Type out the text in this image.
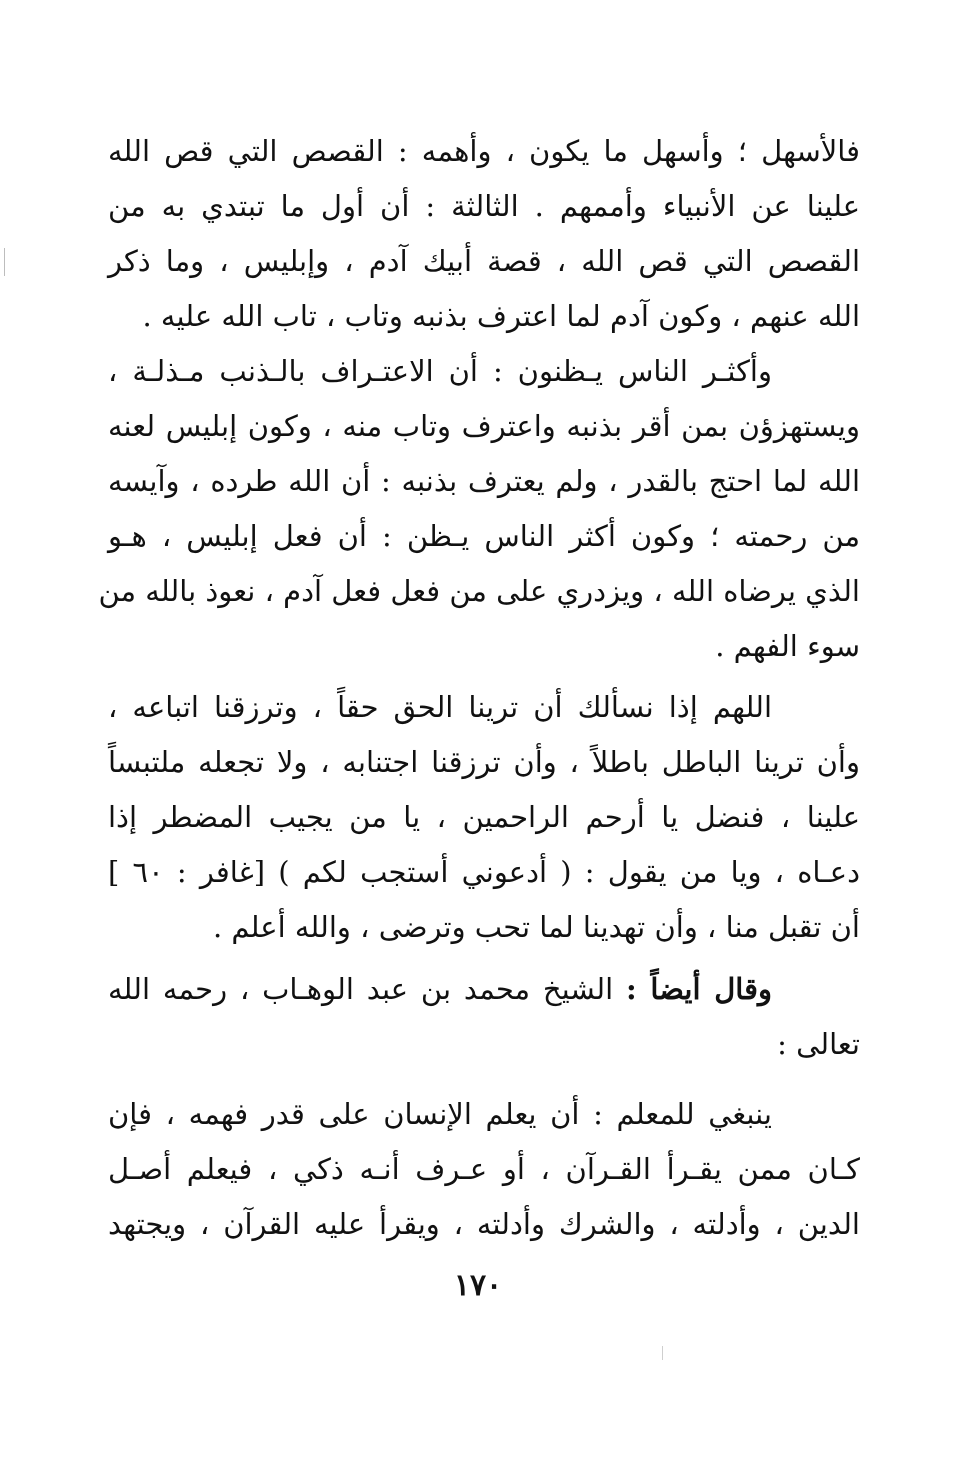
فالأسهل ؛ وأسهل ما يكون ، وأهمه : القصص التي قص الله
علينا عن الأنبياء وأممهم . الثالثة : أن أول ما تبتدي به من
القصص التي قص الله ، قصة أبيك آدم ، وإبليس ، وما ذكر
الله عنهم ، وكون آدم لما اعترف بذنبه وتاب ، تاب الله عليه .
وأكثـر الناس يـظنون : أن الاعتـراف بالـذنب مـذلـة ،
ويستهزؤن بمن أقر بذنبه واعترف وتاب منه ، وكون إبليس لعنه
الله لما احتج بالقدر ، ولم يعترف بذنبه : أن الله طرده ، وآيسه
من رحمته ؛ وكون أكثر الناس يـظن : أن فعل إبليس ، هـو
الذي يرضاه الله ، ويزدري على من فعل فعل آدم ، نعوذ بالله من
سوء الفهم .
اللهم إذا نسألك أن ترينا الحق حقاً ، وترزقنا اتباعه ،
وأن ترينا الباطل باطلاً ، وأن ترزقنا اجتنابه ، ولا تجعله ملتبساً
علينا ، فنضل يا أرحم الراحمين ، يا من يجيب المضطر إذا
دعـاه ، ويا من يقول : ( أدعوني أستجب لكم ) [غافر : ٦٠ ]
أن تقبل منا ، وأن تهدينا لما تحب وترضى ، والله أعلم .
وقال أيضاً : الشيخ محمد بن عبد الوهـاب ، رحمه الله
تعالى :
ينبغي للمعلم : أن يعلم الإنسان على قدر فهمه ، فإن
كـان ممن يقـرأ القـرآن ، أو عـرف أنـه ذكي ، فيعلم أصـل
الدين ، وأدلته ، والشرك وأدلته ، ويقرأ عليه القرآن ، ويجتهد
١٧٠
